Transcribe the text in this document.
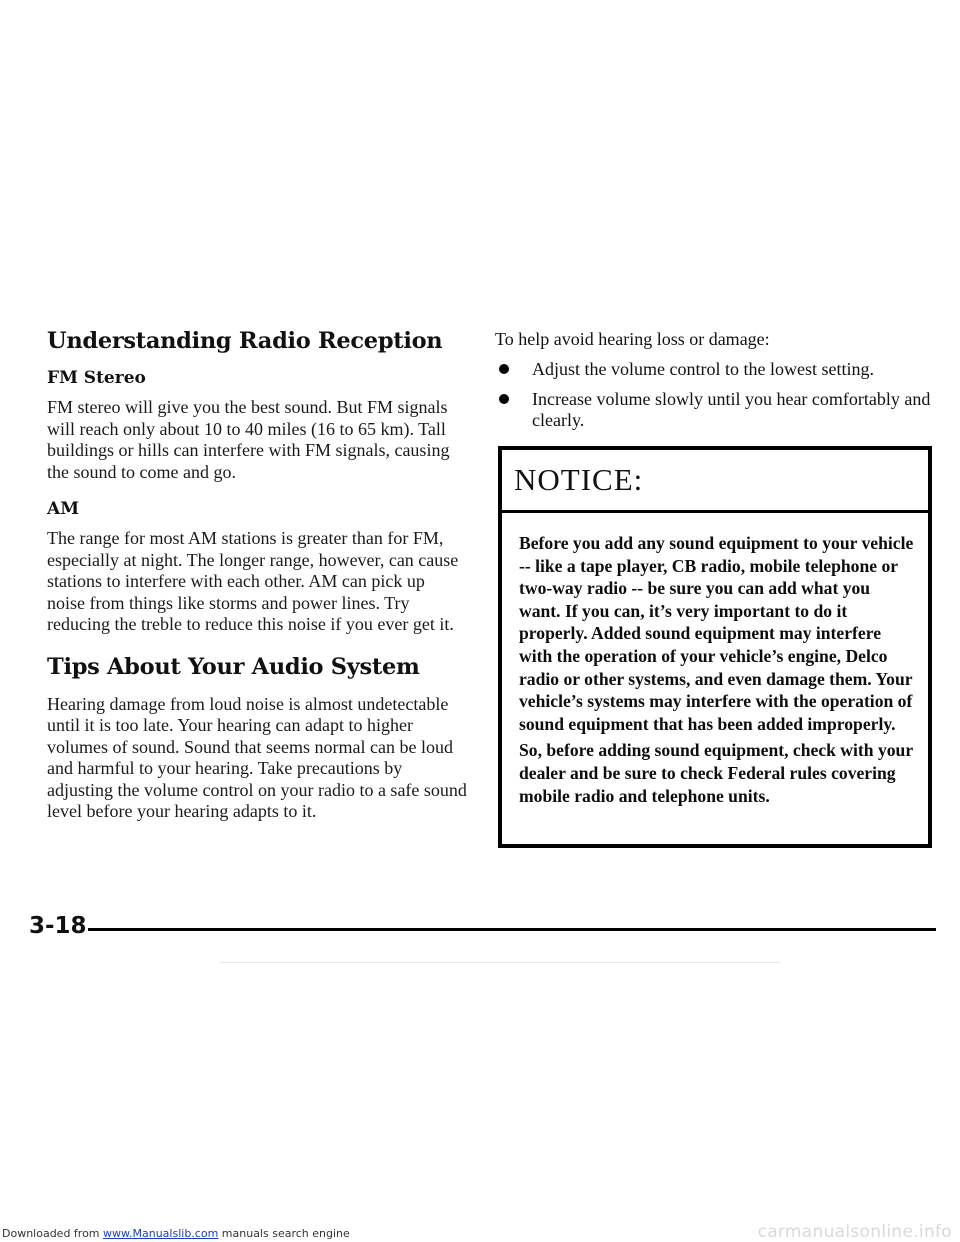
Understanding Radio Reception
FM Stereo

FM stereo will give you the best sound. But FM signals will reach only about 10 to 40 miles (16 to 65 km). Tall buildings or hills can interfere with FM signals, causing the sound to come and go.

AM

The range for most AM stations is greater than for FM, especially at night. The longer range, however, can cause stations to interfere with each other. AM can pick up noise from things like storms and power lines. Try reducing the treble to reduce this noise if you ever get it.

Tips About Your Audio System

Hearing damage from loud noise is almost undetectable until it is too late. Your hearing can adapt to higher volumes of sound. Sound that seems normal can be loud and harmful to your hearing. Take precautions by adjusting the volume control on your radio to a safe sound level before your hearing adapts to it.

To help avoid hearing loss or damage:

Adjust the volume control to the lowest setting.
Increase volume slowly until you hear comfortably and clearly.
NOTICE:

Before you add any sound equipment to your vehicle -- like a tape player, CB radio, mobile telephone or two-way radio -- be sure you can add what you want. If you can, it’s very important to do it properly. Added sound equipment may interfere with the operation of your vehicle’s engine, Delco radio or other systems, and even damage them. Your vehicle’s systems may interfere with the operation of sound equipment that has been added improperly.

So, before adding sound equipment, check with your dealer and be sure to check Federal rules covering mobile radio and telephone units.

3-18
Downloaded from www.Manualslib.com manuals search engine	carmanualsonline.info
